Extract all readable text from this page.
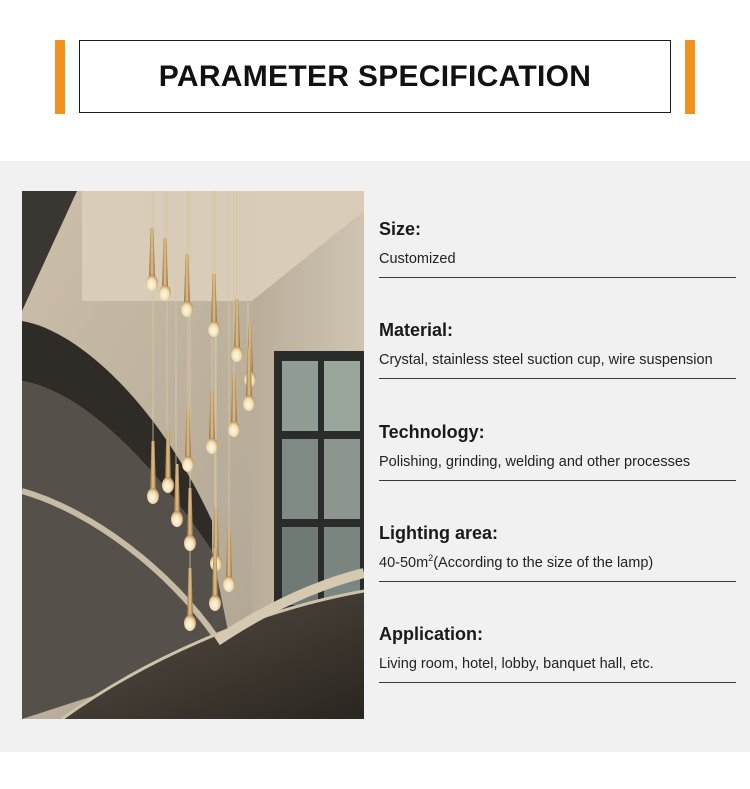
PARAMETER SPECIFICATION
Size:
Customized
Material:
Crystal, stainless steel suction cup, wire suspension
Technology:
Polishing, grinding, welding and other processes
Lighting area:
$40-50m^2(According$ to the size of the lamp)
Application:
Living room, hotel, lobby, banquet hall, etc.
